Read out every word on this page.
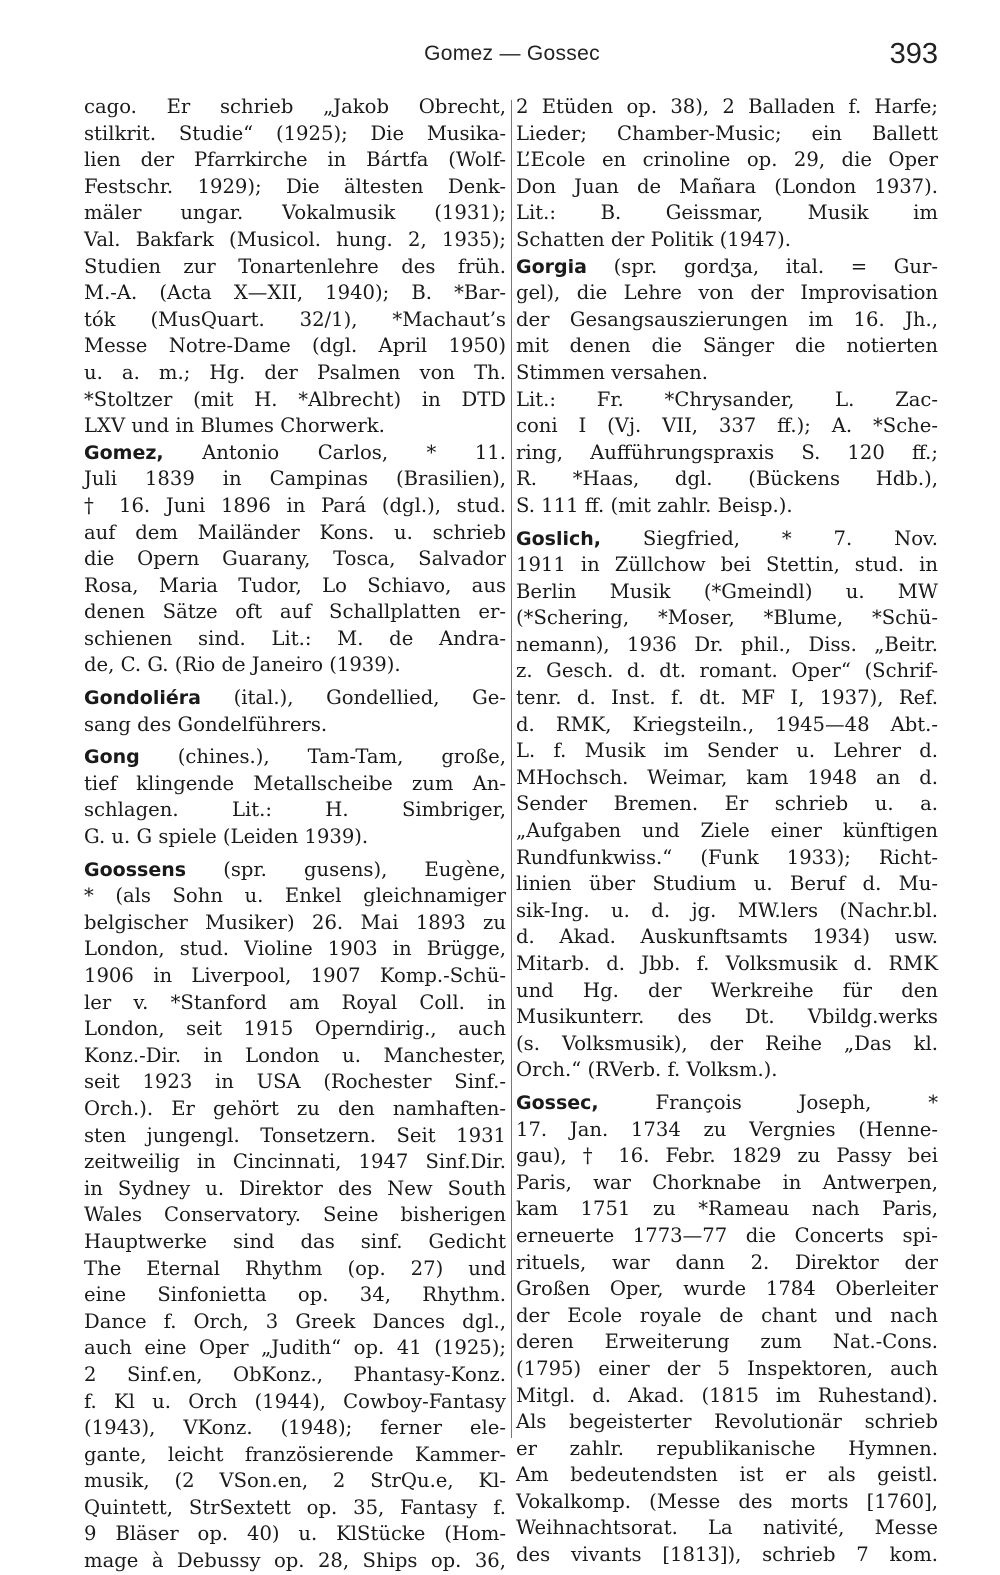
Gomez — Gossec	393
cago. Er schrieb „Jakob Obrecht,
stilkrit. Studie“ (1925); Die Musika-
lien der Pfarrkirche in Bártfa (Wolf-
Festschr. 1929); Die ältesten Denk-
mäler ungar. Vokalmusik (1931);
Val. Bakfark (Musicol. hung. 2, 1935);
Studien zur Tonartenlehre des früh.
M.-A. (Acta X—XII, 1940); B. *Bar-
tók (MusQuart. 32/1), *Machaut’s
Messe Notre-Dame (dgl. April 1950)
u. a. m.; Hg. der Psalmen von Th.
*Stoltzer (mit H. *Albrecht) in DTD
LXV und in Blumes Chorwerk.
Gomez, Antonio Carlos, * 11.
Juli 1839 in Campinas (Brasilien),
† 16. Juni 1896 in Pará (dgl.), stud.
auf dem Mailänder Kons. u. schrieb
die Opern Guarany, Tosca, Salvador
Rosa, Maria Tudor, Lo Schiavo, aus
denen Sätze oft auf Schallplatten er-
schienen sind. Lit.: M. de Andra-
de, C. G. (Rio de Janeiro (1939).
Gondoliéra (ital.), Gondellied, Ge-
sang des Gondelführers.
Gong (chines.), Tam-Tam, große,
tief klingende Metallscheibe zum An-
schlagen. Lit.: H. Simbriger,
G. u. G spiele (Leiden 1939).
Goossens (spr. gusens), Eugène,
* (als Sohn u. Enkel gleichnamiger
belgischer Musiker) 26. Mai 1893 zu
London, stud. Violine 1903 in Brügge,
1906 in Liverpool, 1907 Komp.-Schü-
ler v. *Stanford am Royal Coll. in
London, seit 1915 Operndirig., auch
Konz.-Dir. in London u. Manchester,
seit 1923 in USA (Rochester Sinf.-
Orch.). Er gehört zu den namhaften-
sten jungengl. Tonsetzern. Seit 1931
zeitweilig in Cincinnati, 1947 Sinf.Dir.
in Sydney u. Direktor des New South
Wales Conservatory. Seine bisherigen
Hauptwerke sind das sinf. Gedicht
The Eternal Rhythm (op. 27) und
eine Sinfonietta op. 34, Rhythm.
Dance f. Orch, 3 Greek Dances dgl.,
auch eine Oper „Judith“ op. 41 (1925);
2 Sinf.en, ObKonz., Phantasy-Konz.
f. Kl u. Orch (1944), Cowboy-Fantasy
(1943), VKonz. (1948); ferner ele-
gante, leicht französierende Kammer-
musik, (2 VSon.en, 2 StrQu.e, Kl-
Quintett, StrSextett op. 35, Fantasy f.
9 Bläser op. 40) u. KlStücke (Hom-
mage à Debussy op. 28, Ships op. 36,
2 Etüden op. 38), 2 Balladen f. Harfe;
Lieder; Chamber-Music; ein Ballett
L’Ecole en crinoline op. 29, die Oper
Don Juan de Mañara (London 1937).
Lit.: B. Geissmar, Musik im
Schatten der Politik (1947).
Gorgia (spr. gordʒa, ital. = Gur-
gel), die Lehre von der Improvisation
der Gesangsauszierungen im 16. Jh.,
mit denen die Sänger die notierten
Stimmen versahen.
Lit.: Fr. *Chrysander, L. Zac-
coni I (Vj. VII, 337 ff.); A. *Sche-
ring, Aufführungspraxis S. 120 ff.;
R. *Haas, dgl. (Bückens Hdb.),
S. 111 ff. (mit zahlr. Beisp.).
Goslich, Siegfried, * 7. Nov.
1911 in Züllchow bei Stettin, stud. in
Berlin Musik (*Gmeindl) u. MW
(*Schering, *Moser, *Blume, *Schü-
nemann), 1936 Dr. phil., Diss. „Beitr.
z. Gesch. d. dt. romant. Oper“ (Schrif-
tenr. d. Inst. f. dt. MF I, 1937), Ref.
d. RMK, Kriegsteiln., 1945—48 Abt.-
L. f. Musik im Sender u. Lehrer d.
MHochsch. Weimar, kam 1948 an d.
Sender Bremen. Er schrieb u. a.
„Aufgaben und Ziele einer künftigen
Rundfunkwiss.“ (Funk 1933); Richt-
linien über Studium u. Beruf d. Mu-
sik-Ing. u. d. jg. MW.lers (Nachr.bl.
d. Akad. Auskunftsamts 1934) usw.
Mitarb. d. Jbb. f. Volksmusik d. RMK
und Hg. der Werkreihe für den
Musikunterr. des Dt. Vbildg.werks
(s. Volksmusik), der Reihe „Das kl.
Orch.“ (RVerb. f. Volksm.).
Gossec,	François Joseph, *
17. Jan. 1734 zu Vergnies (Henne-
gau), † 16. Febr. 1829 zu Passy bei
Paris, war Chorknabe in Antwerpen,
kam 1751 zu *Rameau nach Paris,
erneuerte 1773—77 die Concerts spi-
rituels, war dann 2. Direktor der
Großen Oper, wurde 1784 Oberleiter
der Ecole royale de chant und nach
deren Erweiterung zum Nat.-Cons.
(1795) einer der 5 Inspektoren, auch
Mitgl. d. Akad. (1815 im Ruhestand).
Als begeisterter Revolutionär schrieb
er zahlr. republikanische Hymnen.
Am bedeutendsten ist er als geistl.
Vokalkomp. (Messe des morts [1760],
Weihnachtsorat. La nativité, Messe
des vivants [1813]), schrieb 7 kom.
